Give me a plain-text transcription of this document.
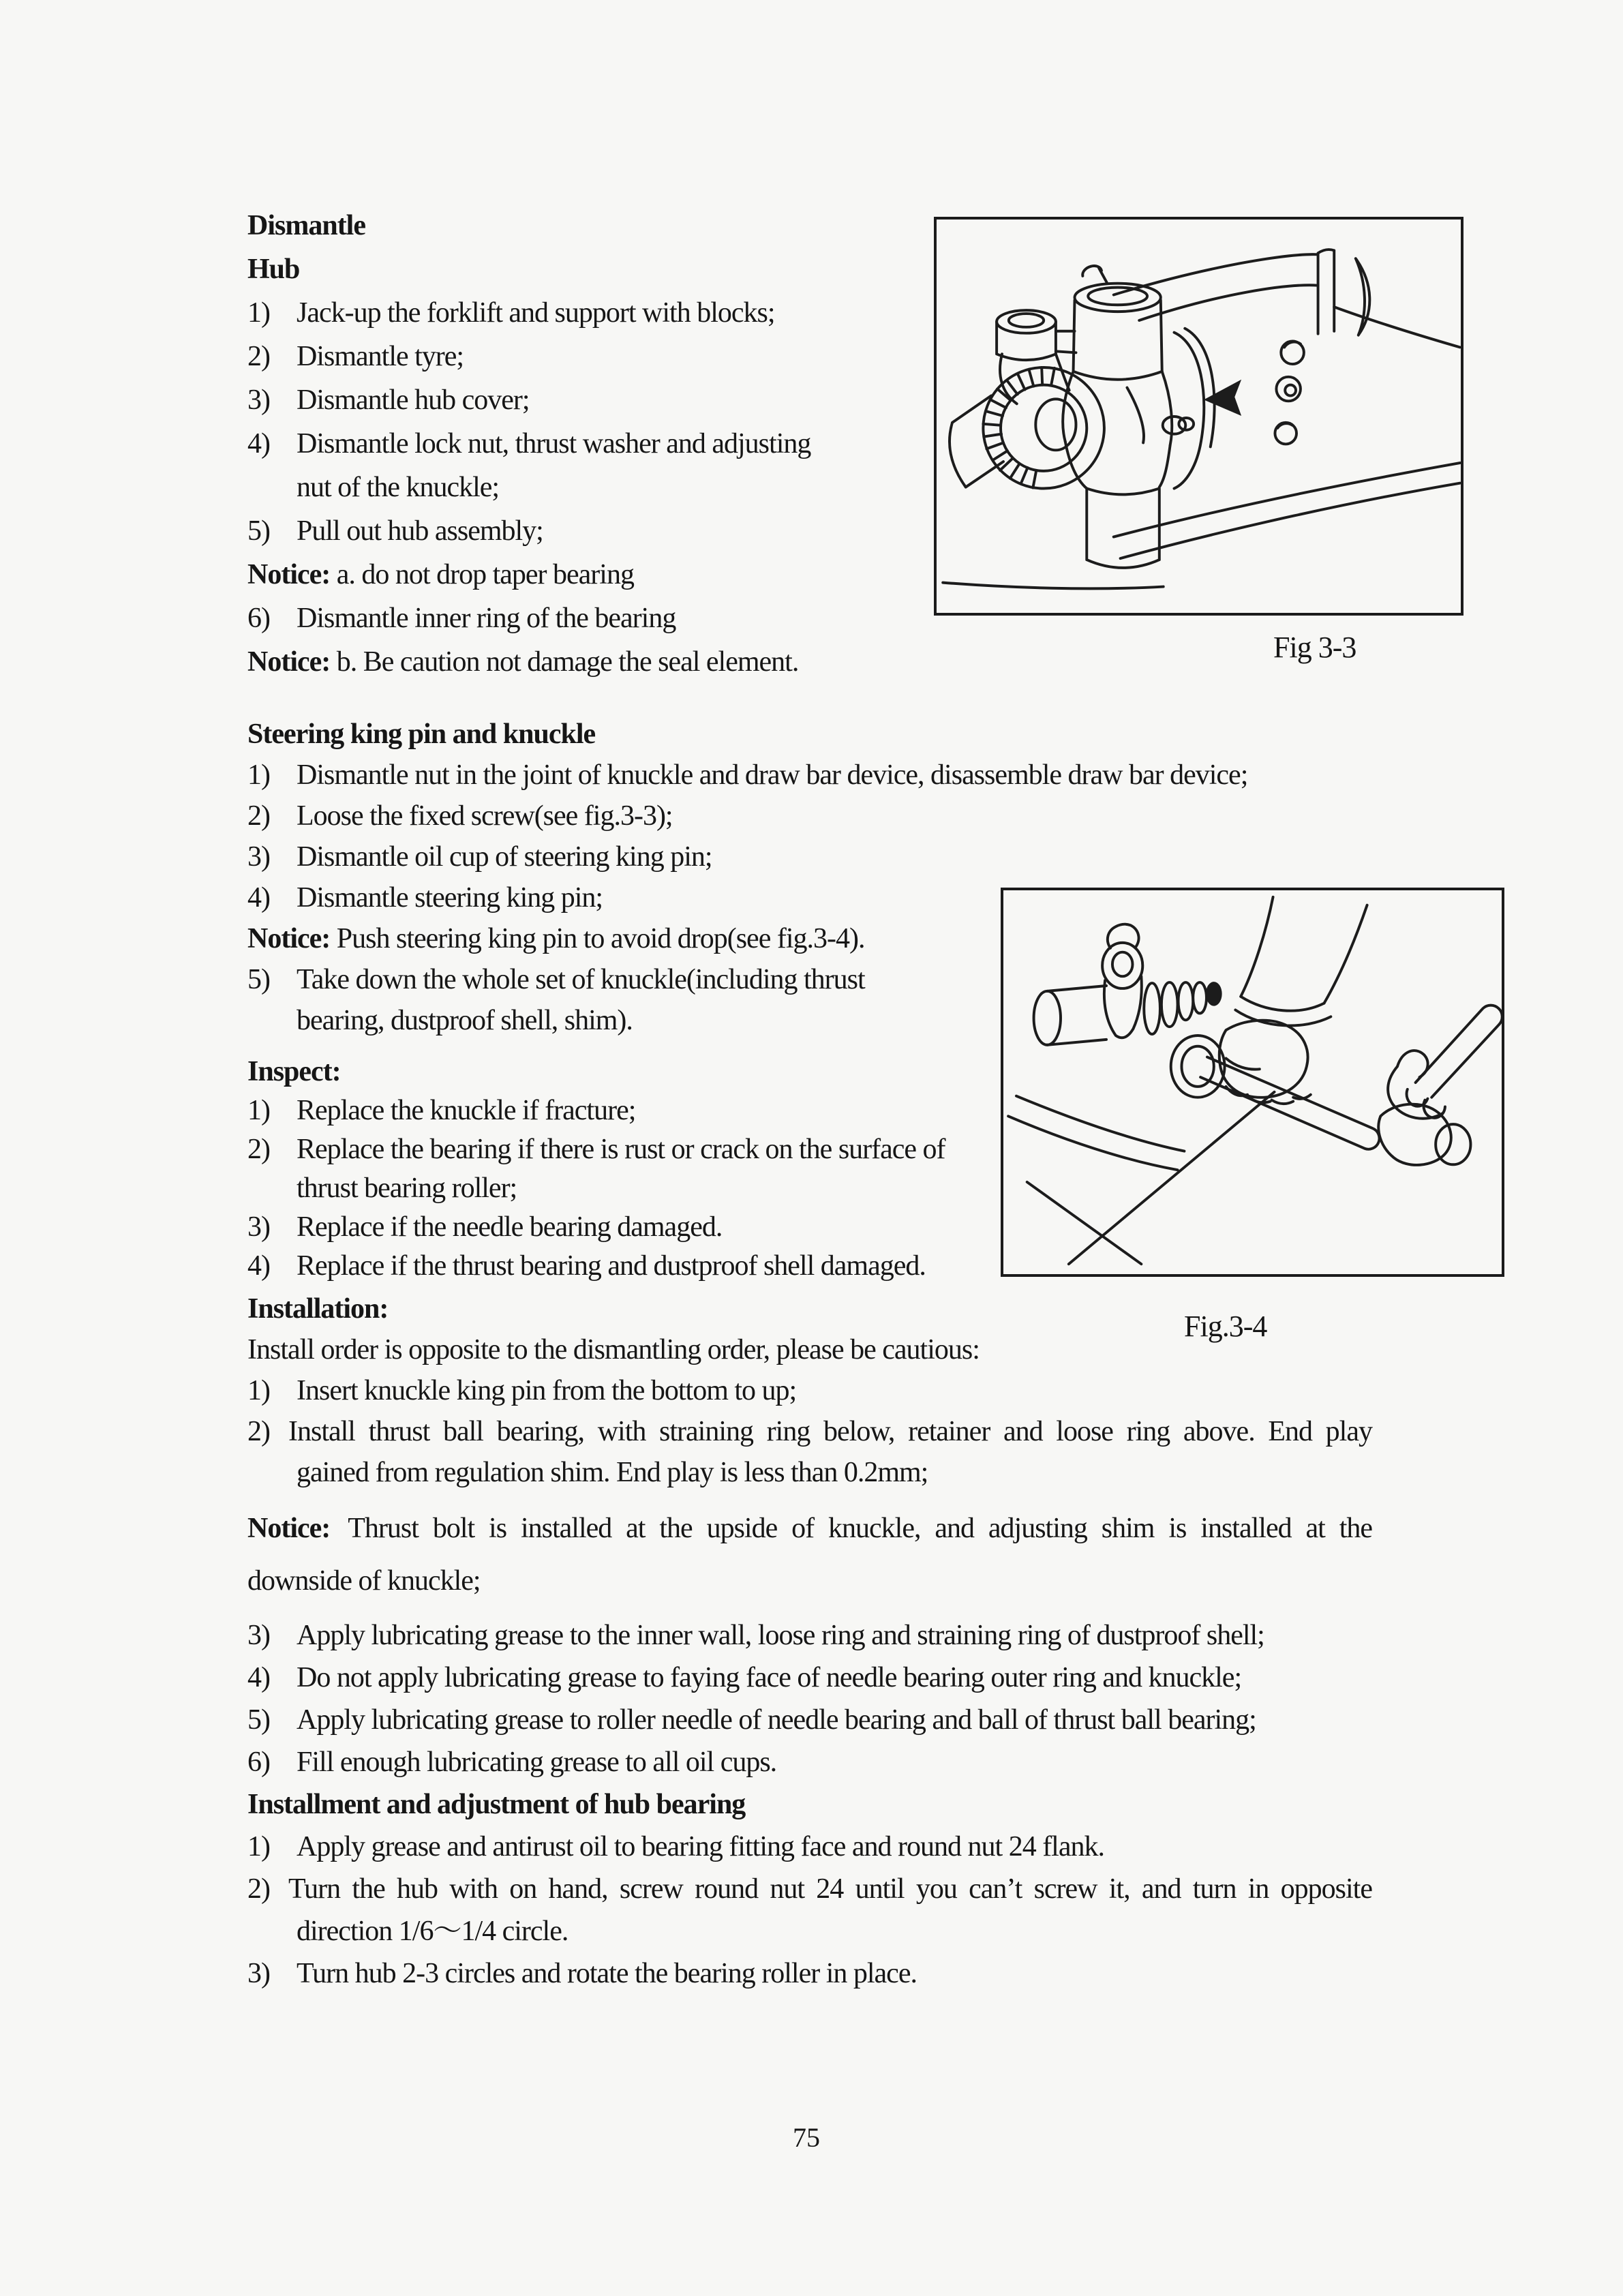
Dismantle
Hub
1) Jack-up the forklift and support with blocks;
2) Dismantle tyre;
3) Dismantle hub cover;
4) Dismantle lock nut, thrust washer and adjusting
nut of the knuckle;
5) Pull out hub assembly;
Notice: a. do not drop taper bearing
6) Dismantle inner ring of the bearing
Notice: b. Be caution not damage the seal element.	Fig 3-3
Steering king pin and knuckle
1) Dismantle nut in the joint of knuckle and draw bar device, disassemble draw bar device;
2) Loose the fixed screw(see fig.3-3);
3) Dismantle oil cup of steering king pin;
4) Dismantle steering king pin;
Notice: Push steering king pin to avoid drop(see fig.3-4).
5) Take down the whole set of knuckle(including thrust
bearing, dustproof shell, shim).
Inspect:
1) Replace the knuckle if fracture;
2) Replace the bearing if there is rust or crack on the surface of
thrust bearing roller;
3) Replace if the needle bearing damaged.
4) Replace if the thrust bearing and dustproof shell damaged.
Fig.3-4
Installation:
Install order is opposite to the dismantling order, please be cautious:
1) Insert knuckle king pin from the bottom to up;
2) Install thrust ball bearing, with straining ring below, retainer and loose ring above. End play
gained from regulation shim. End play is less than 0.2mm;
Notice: Thrust bolt is installed at the upside of knuckle, and adjusting shim is installed at the
downside of knuckle;
3) Apply lubricating grease to the inner wall, loose ring and straining ring of dustproof shell;
4) Do not apply lubricating grease to faying face of needle bearing outer ring and knuckle;
5) Apply lubricating grease to roller needle of needle bearing and ball of thrust ball bearing;
6) Fill enough lubricating grease to all oil cups.
Installment and adjustment of hub bearing
1) Apply grease and antirust oil to bearing fitting face and round nut 24 flank.
2) Turn the hub with on hand, screw round nut 24 until you can’t screw it, and turn in opposite
direction 1/6～1/4 circle.
3) Turn hub 2-3 circles and rotate the bearing roller in place.
75
